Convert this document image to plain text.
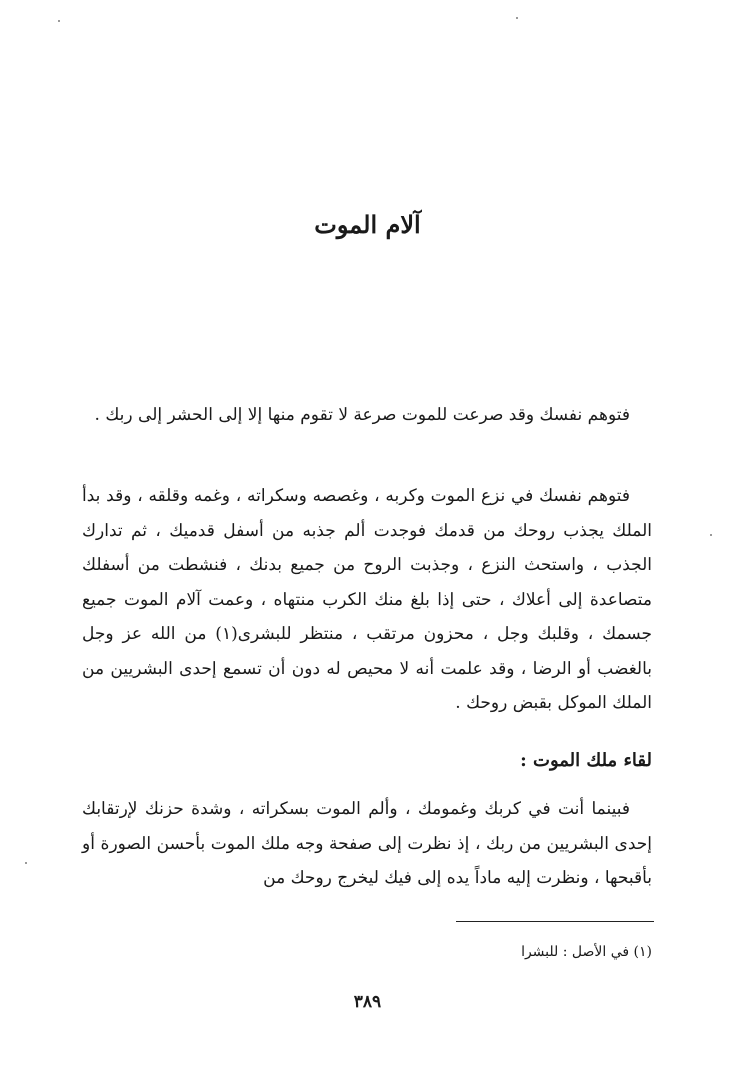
آلام الموت

فتوهم نفسك وقد صرعت للموت صرعة لا تقوم منها إلا إلى الحشر إلى ربك .

فتوهم نفسك في نزع الموت وكربه ، وغصصه وسكراته ، وغمه وقلقه ، وقد بدأ الملك يجذب روحك من قدمك فوجدت ألم جذبه من أسفل قدميك ، ثم تدارك الجذب ، واستحث النزع ، وجذبت الروح من جميع بدنك ، فنشطت من أسفلك متصاعدة إلى أعلاك ، حتى إذا بلغ منك الكرب منتهاه ، وعمت آلام الموت جميع جسمك ، وقلبك وجل ، محزون مرتقب ، منتظر للبشرى(١) من الله عز وجل بالغضب أو الرضا ، وقد علمت أنه لا محيص له دون أن تسمع إحدى البشريين من الملك الموكل بقبض روحك .

لقاء ملك الموت :

فبينما أنت في كربك وغمومك ، وألم الموت بسكراته ، وشدة حزنك لإرتقابك إحدى البشريين من ربك ، إذ نظرت إلى صفحة وجه ملك الموت بأحسن الصورة أو بأقبحها ، ونظرت إليه ماداً يده إلى فيك ليخرج روحك من

(١) في الأصل : للبشرا
٣٨٩
